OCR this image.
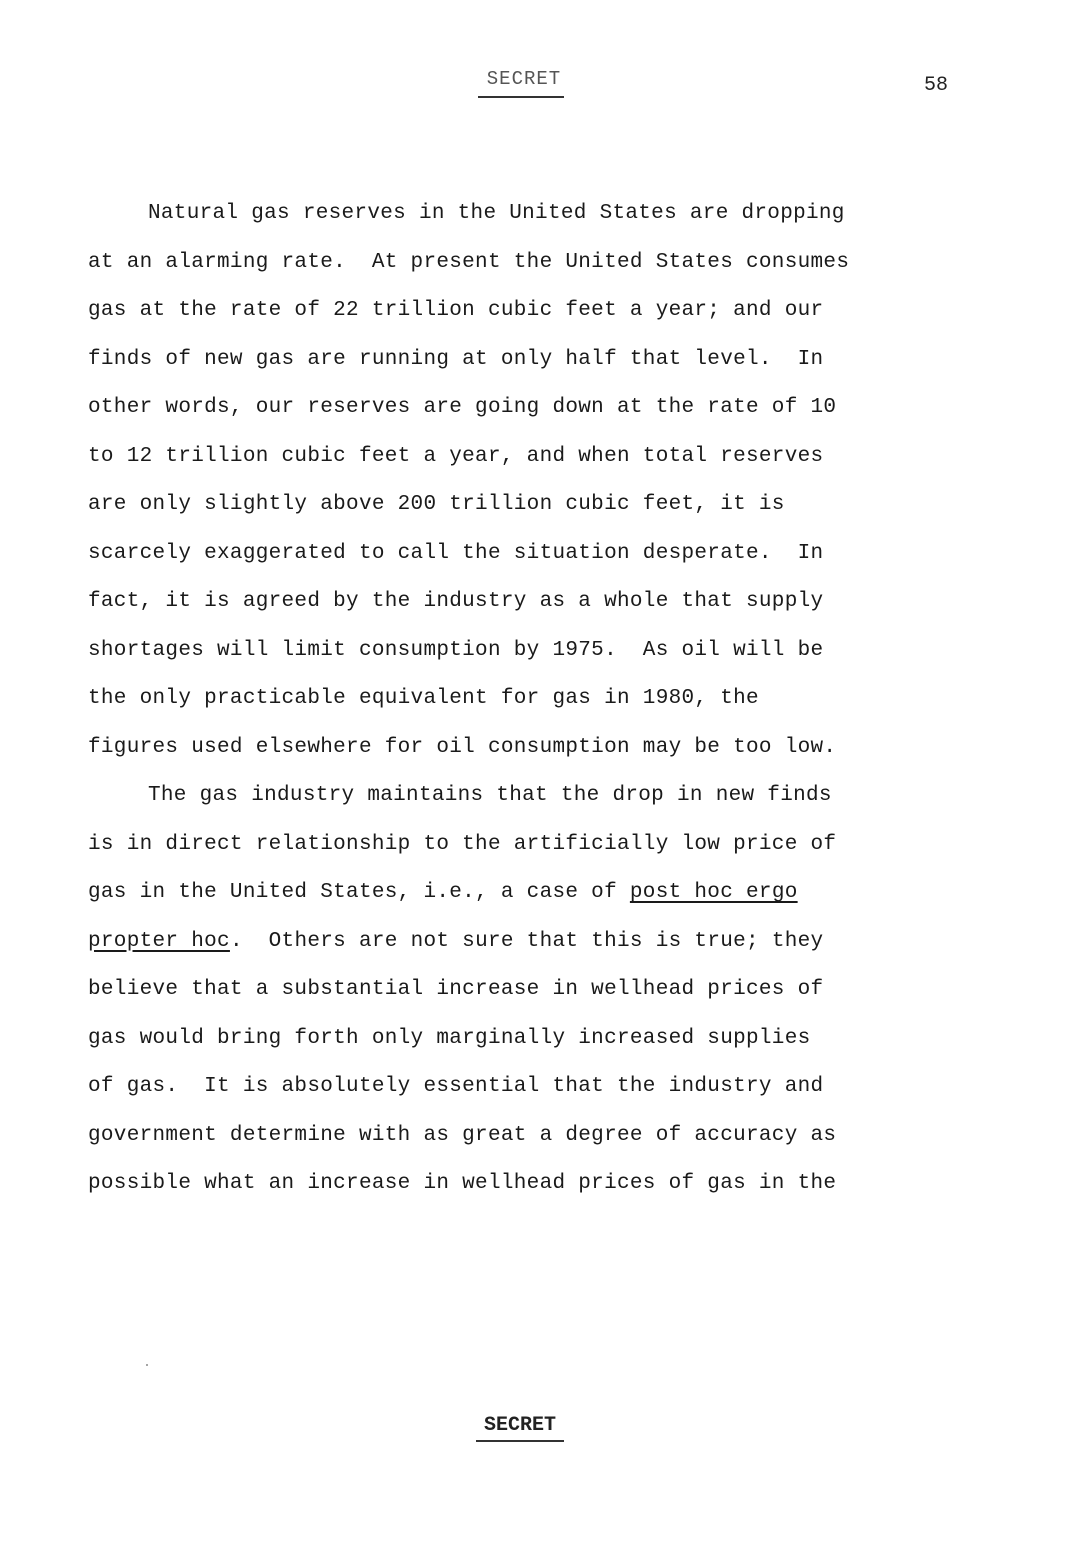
SECRET	58
Natural gas reserves in the United States are dropping
at an alarming rate.  At present the United States consumes
gas at the rate of 22 trillion cubic feet a year; and our
finds of new gas are running at only half that level.  In
other words, our reserves are going down at the rate of 10
to 12 trillion cubic feet a year, and when total reserves
are only slightly above 200 trillion cubic feet, it is
scarcely exaggerated to call the situation desperate.  In
fact, it is agreed by the industry as a whole that supply
shortages will limit consumption by 1975.  As oil will be
the only practicable equivalent for gas in 1980, the
figures used elsewhere for oil consumption may be too low.
The gas industry maintains that the drop in new finds
is in direct relationship to the artificially low price of
gas in the United States, i.e., a case of post hoc ergo
propter hoc.  Others are not sure that this is true; they
believe that a substantial increase in wellhead prices of
gas would bring forth only marginally increased supplies
of gas.  It is absolutely essential that the industry and
government determine with as great a degree of accuracy as
possible what an increase in wellhead prices of gas in the
SECRET
